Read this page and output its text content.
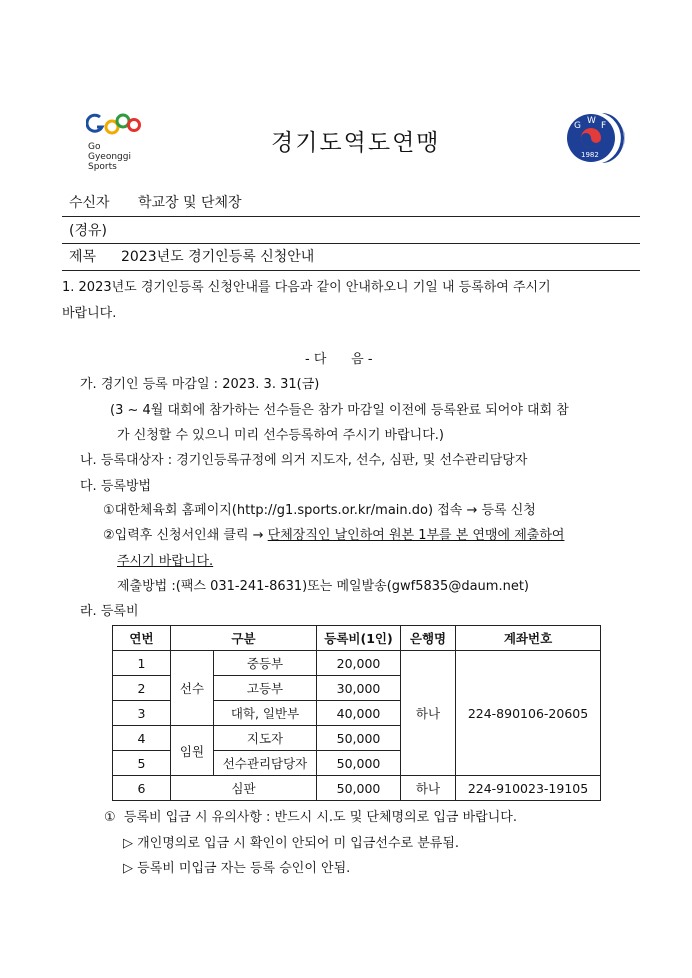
Go
Gyeonggi
Sports
경기도역도연맹
G W F
1982
수신자 학교장 및 단체장
(경유)
제목 2023년도 경기인등록 신청안내
1. 2023년도 경기인등록 신청안내를 다음과 같이 안내하오니 기일 내 등록하여 주시기
바랍니다.
- 다      음 -
가. 경기인 등록 마감일 : 2023. 3. 31(금)
(3 ~ 4월 대회에 참가하는 선수들은 참가 마감일 이전에 등록완료 되어야 대회 참
가 신청할 수 있으니 미리 선수등록하여 주시기 바랍니다.)
나. 등록대상자 : 경기인등록규정에 의거 지도자, 선수, 심판, 및 선수관리담당자
다. 등록방법
①대한체육회 홈페이지(http://g1.sports.or.kr/main.do) 접속 → 등록 신청
②입력후 신청서인쇄 클릭 → 단체장직인 날인하여 원본 1부를 본 연맹에 제출하여
주시기 바랍니다.
제출방법 :(팩스 031-241-8631)또는 메일발송(gwf5835@daum.net)
라. 등록비
연번	구분		등록비(1인)	은행명	계좌번호
1	선수	중등부	20,000	하나	224-890106-20605
2		고등부	30,000		
3		대학, 일반부	40,000		
4	임원	지도자	50,000		
5		선수관리담당자	50,000		
6	심판		50,000	하나	224-910023-19105
①  등록비 입금 시 유의사항 : 반드시 시.도 및 단체명의로 입금 바랍니다.
▷ 개인명의로 입금 시 확인이 안되어 미 입금선수로 분류됨.
▷ 등록비 미입금 자는 등록 승인이 안됨.
